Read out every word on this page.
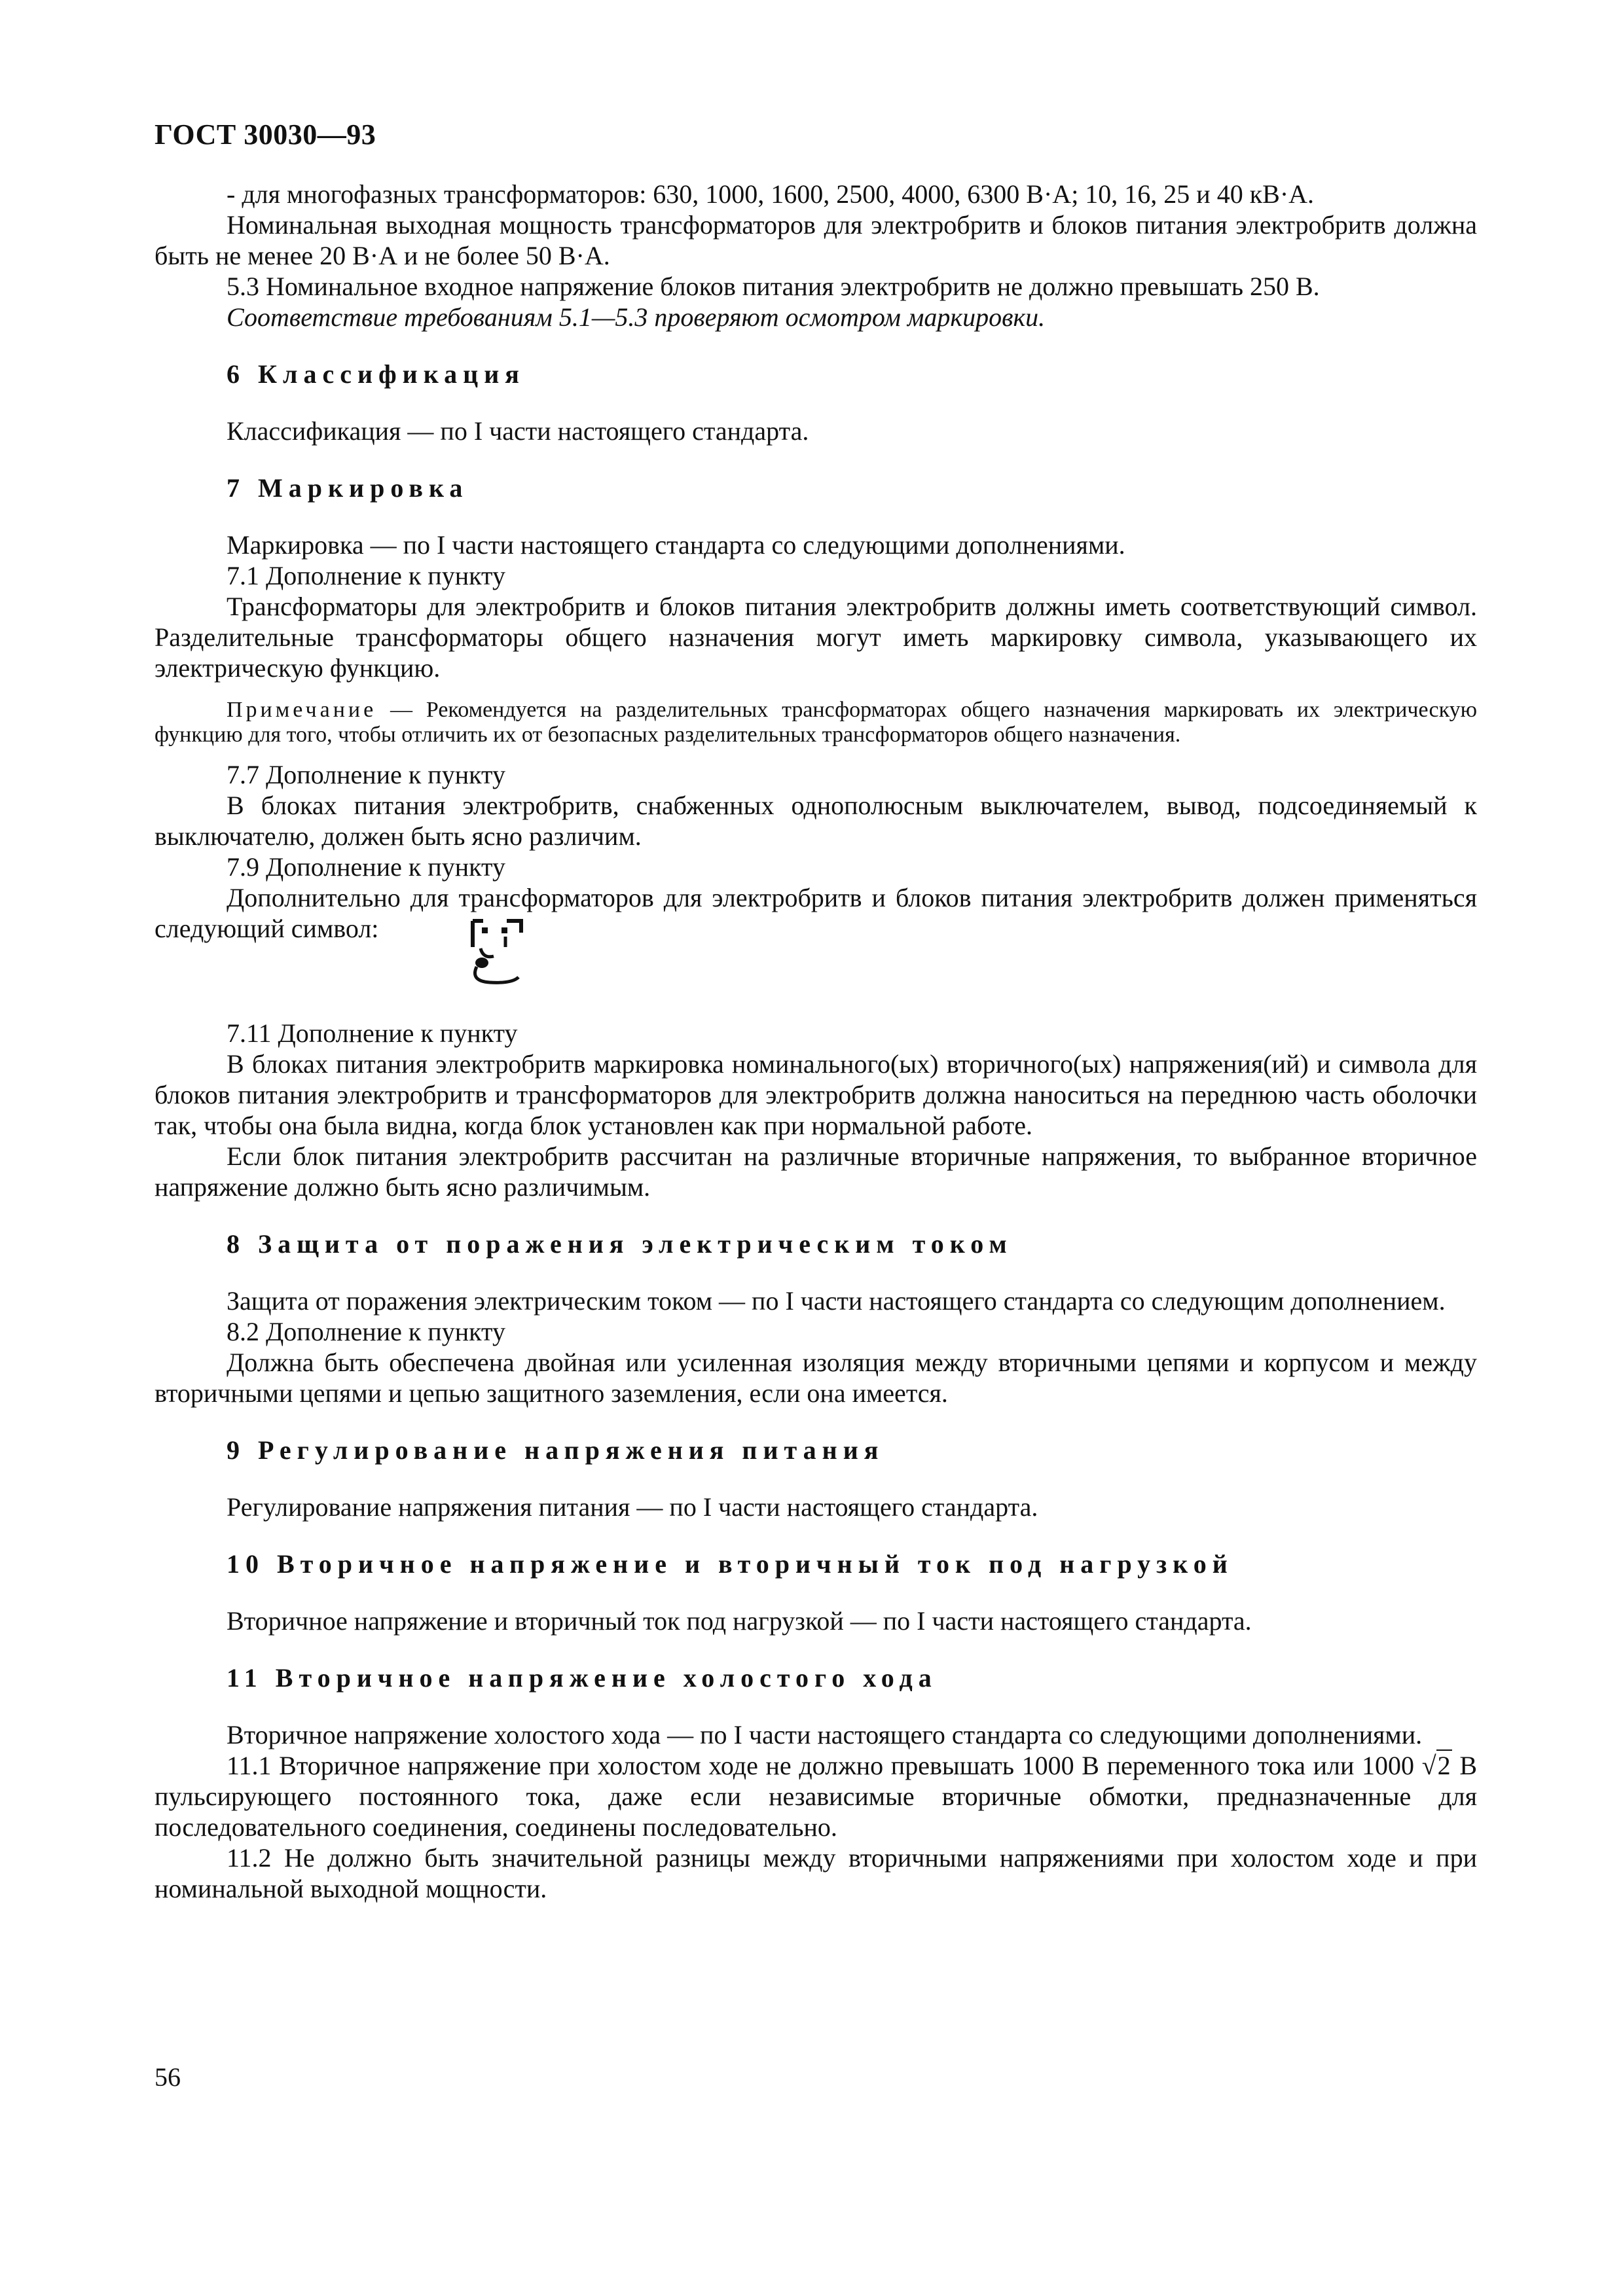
ГОСТ 30030—93

- для многофазных трансформаторов: 630, 1000, 1600, 2500, 4000, 6300 В·А; 10, 16, 25 и 40 кВ·А.

Номинальная выходная мощность трансформаторов для электробритв и блоков питания электробритв должна быть не менее 20 В·А и не более 50 В·А.

5.3 Номинальное входное напряжение блоков питания электробритв не должно превышать 250 В.

Соответствие требованиям 5.1—5.3 проверяют осмотром маркировки.

6 Классификация

Классификация — по I части настоящего стандарта.

7 Маркировка

Маркировка — по I части настоящего стандарта со следующими дополнениями.

7.1 Дополнение к пункту

Трансформаторы для электробритв и блоков питания электробритв должны иметь соответствующий символ. Разделительные трансформаторы общего назначения могут иметь маркировку символа, указывающего их электрическую функцию.

Примечание — Рекомендуется на разделительных трансформаторах общего назначения маркировать их электрическую функцию для того, чтобы отличить их от безопасных разделительных трансформаторов общего назначения.

7.7 Дополнение к пункту

В блоках питания электробритв, снабженных однополюсным выключателем, вывод, подсоединяемый к выключателю, должен быть ясно различим.

7.9 Дополнение к пункту

Дополнительно для трансформаторов для электробритв и блоков питания электробритв должен применяться следующий символ:

7.11 Дополнение к пункту

В блоках питания электробритв маркировка номинального(ых) вторичного(ых) напряжения(ий) и символа для блоков питания электробритв и трансформаторов для электробритв должна наноситься на переднюю часть оболочки так, чтобы она была видна, когда блок установлен как при нормальной работе.

Если блок питания электробритв рассчитан на различные вторичные напряжения, то выбранное вторичное напряжение должно быть ясно различимым.

8 Защита от поражения электрическим током

Защита от поражения электрическим током — по I части настоящего стандарта со следующим дополнением.

8.2 Дополнение к пункту

Должна быть обеспечена двойная или усиленная изоляция между вторичными цепями и корпусом и между вторичными цепями и цепью защитного заземления, если она имеется.

9 Регулирование напряжения питания

Регулирование напряжения питания — по I части настоящего стандарта.

10 Вторичное напряжение и вторичный ток под нагрузкой

Вторичное напряжение и вторичный ток под нагрузкой — по I части настоящего стандарта.

11 Вторичное напряжение холостого хода

Вторичное напряжение холостого хода — по I части настоящего стандарта со следующими дополнениями.

11.1 Вторичное напряжение при холостом ходе не должно превышать 1000 В переменного тока или 1000 √2 В пульсирующего постоянного тока, даже если независимые вторичные обмотки, предназначенные для последовательного соединения, соединены последовательно.

11.2 Не должно быть значительной разницы между вторичными напряжениями при холостом ходе и при номинальной выходной мощности.

56
